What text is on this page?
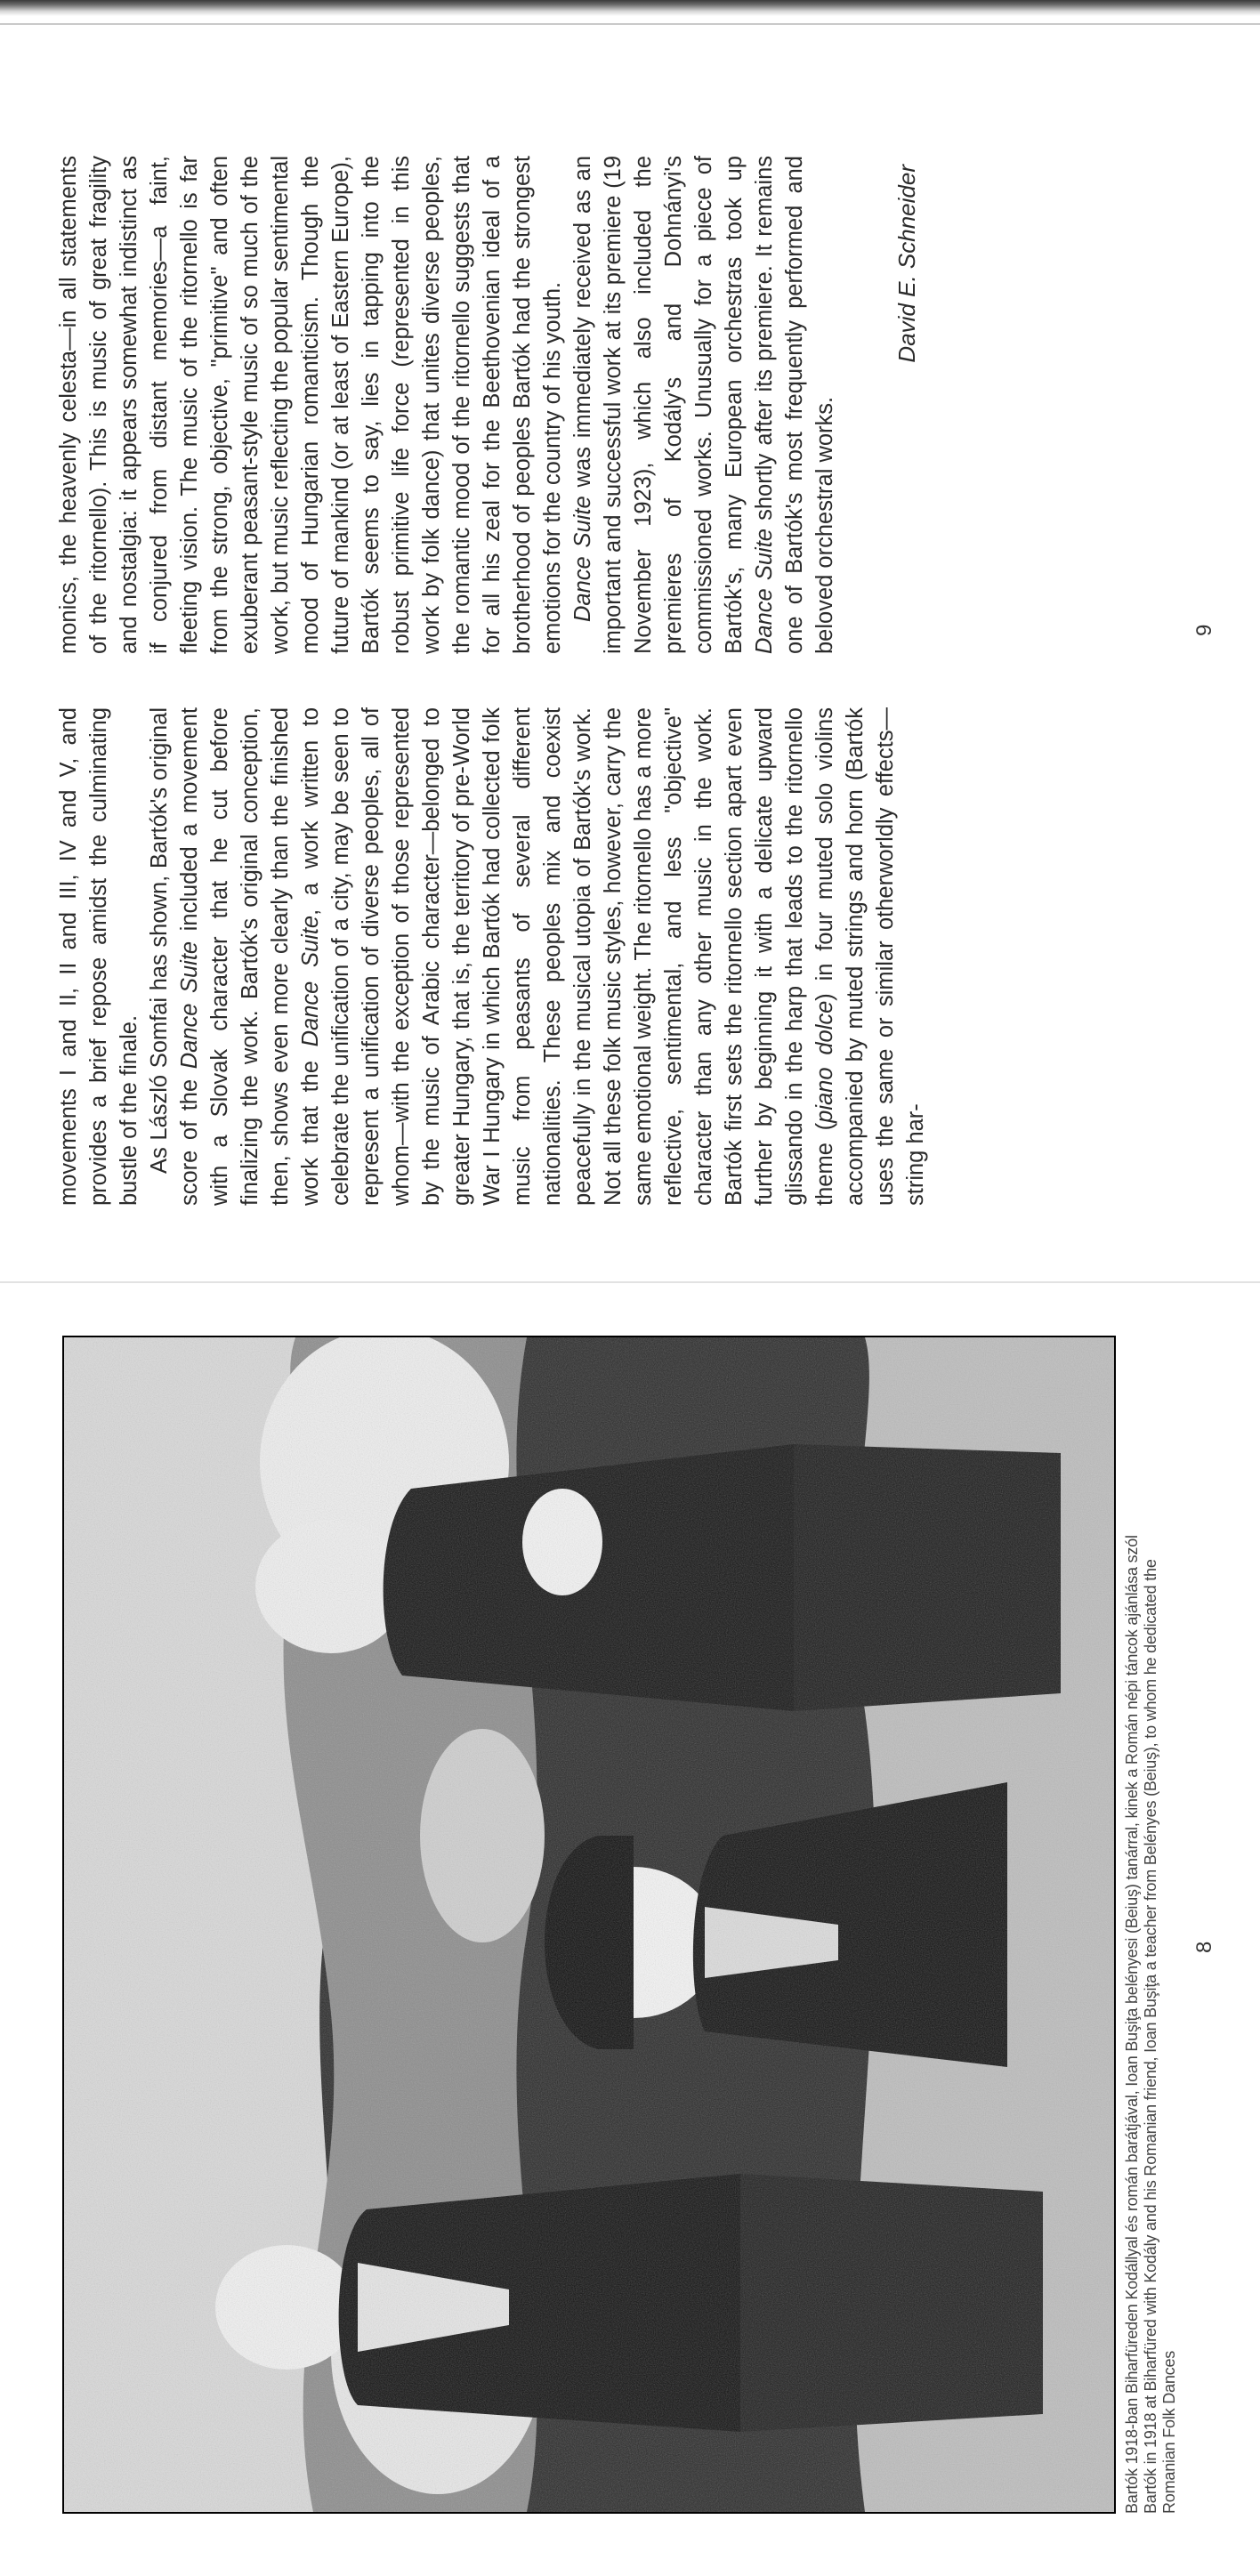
Bartók 1918-ban Biharfüreden Kodállyal és román barátjával, Ioan Buşiţa belényesi (Beiuş) tanárral, kinek a Román népi táncok ajánlása szól Bartók in 1918 at Biharfüred with Kodály and his Romanian friend, Ioan Buşiţa a teacher from Belényes (Beiuş), to whom he dedicated the Romanian Folk Dances
8

movements I and II, II and III, IV and V, and provides a brief repose amidst the culminating bustle of the finale. As László Somfai has shown, Bartók's original score of the Dance Suite included a movement with a Slovak character that he cut before finalizing the work. Bartók's original conception, then, shows even more clearly than the finished work that the Dance Suite, a work written to celebrate the unification of a city, may be seen to represent a unification of diverse peoples, all of whom—with the exception of those represented by the music of Arabic character—belonged to greater Hungary, that is, the territory of pre-World War I Hungary in which Bartók had collected folk music from peasants of several different nationalities. These peoples mix and coexist peacefully in the musical utopia of Bartók's work. Not all these folk music styles, however, carry the same emotional weight. The ritornello has a more reflective, sentimental, and less "objective" character than any other music in the work. Bartók first sets the ritornello section apart even further by beginning it with a delicate upward glissando in the harp that leads to the ritornello theme (piano dolce) in four muted solo violins accompanied by muted strings and horn (Bartók uses the same or similar otherworldly effects—string har-

monics, the heavenly celesta—in all statements of the ritornello). This is music of great fragility and nostalgia: it appears somewhat indistinct as if conjured from distant memories—a faint, fleeting vision. The music of the ritornello is far from the strong, objective, "primitive" and often exuberant peasant-style music of so much of the work, but music reflecting the popular sentimental mood of Hungarian romanticism. Though the future of mankind (or at least of Eastern Europe), Bartók seems to say, lies in tapping into the robust primitive life force (represented in this work by folk dance) that unites diverse peoples, the romantic mood of the ritornello suggests that for all his zeal for the Beethovenian ideal of a brotherhood of peoples Bartók had the strongest emotions for the country of his youth. Dance Suite was immediately received as an important and successful work at its premiere (19 November 1923), which also included the premieres of Kodály's and Dohnányi's commissioned works. Unusually for a piece of Bartók's, many European orchestras took up Dance Suite shortly after its premiere. It remains one of Bartók's most frequently performed and beloved orchestral works.

David E. Schneider

9
